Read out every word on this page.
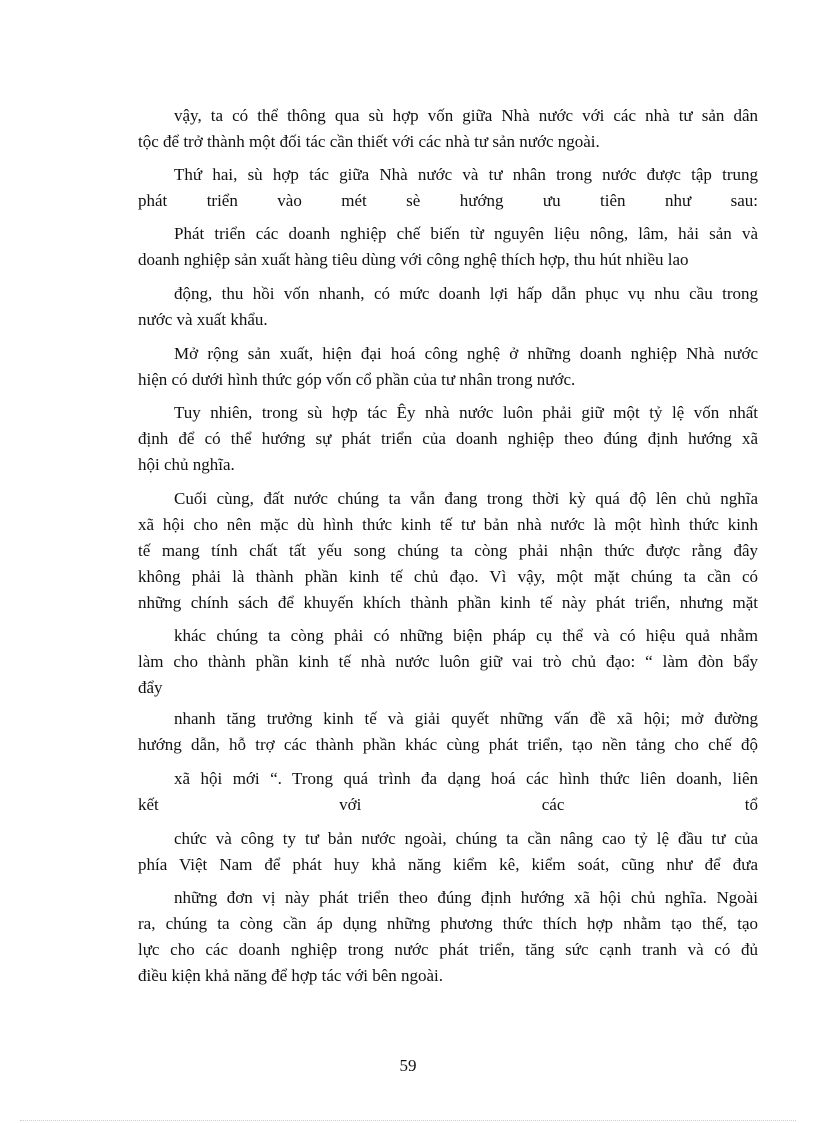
vậy, ta có thể thông qua sù hợp vốn giữa Nhà nước với các nhà tư sản dân
tộc để trở thành một đối tác cần thiết với các nhà tư sản nước ngoài.
Thứ hai, sù hợp tác giữa Nhà nước và tư nhân trong nước được tập trung
phát triển vào mét sè hướng ưu tiên như sau:
Phát triển các doanh nghiệp chế biến từ nguyên liệu nông, lâm, hải sản và
doanh nghiệp sản xuất hàng tiêu dùng với công nghệ thích hợp, thu hút nhiều lao
động, thu hồi vốn nhanh, có mức doanh lợi hấp dẫn phục vụ nhu cầu trong
nước và xuất khẩu.
Mở rộng sản xuất, hiện đại hoá công nghệ ở những doanh nghiệp Nhà nước
hiện có dưới hình thức góp vốn cổ phần của tư nhân trong nước.
Tuy nhiên, trong sù hợp tác Êy nhà nước luôn phải giữ một tỷ lệ vốn nhất
định để có thể hướng sự phát triển của doanh nghiệp theo đúng định hướng xã
hội chủ nghĩa.
Cuối cùng, đất nước chúng ta vẫn đang trong thời kỳ quá độ lên chủ nghĩa
xã hội cho nên mặc dù hình thức kinh tế tư bản nhà nước là một hình thức kinh
tế mang tính chất tất yếu song chúng ta còng phải nhận thức được rằng đây
không phải là thành phần kinh tế chủ đạo. Vì vậy, một mặt chúng ta cần có
những chính sách để khuyến khích thành phần kinh tế này phát triển, nhưng mặt
khác chúng ta còng phải có những biện pháp cụ thể và có hiệu quả nhằm
làm cho thành phần kinh tế nhà nước luôn giữ vai trò chủ đạo: “ làm đòn bẩy
đẩy
nhanh tăng trưởng kinh tế và giải quyết những vấn đề xã hội; mở đường
hướng dẫn, hỗ trợ các thành phần khác cùng phát triển, tạo nền tảng cho chế độ
xã hội mới “. Trong quá trình đa dạng hoá các hình thức liên doanh, liên
kết với các tổ
chức và công ty tư bản nước ngoài, chúng ta cần nâng cao tỷ lệ đầu tư của
phía Việt Nam để phát huy khả năng kiểm kê, kiểm soát, cũng như để đưa
những đơn vị này phát triển theo đúng định hướng xã hội chủ nghĩa. Ngoài
ra, chúng ta còng cần áp dụng những phương thức thích hợp nhằm tạo thế, tạo
lực cho các doanh nghiệp trong nước phát triển, tăng sức cạnh tranh và có đủ
điều kiện khả năng để hợp tác với bên ngoài.
59
